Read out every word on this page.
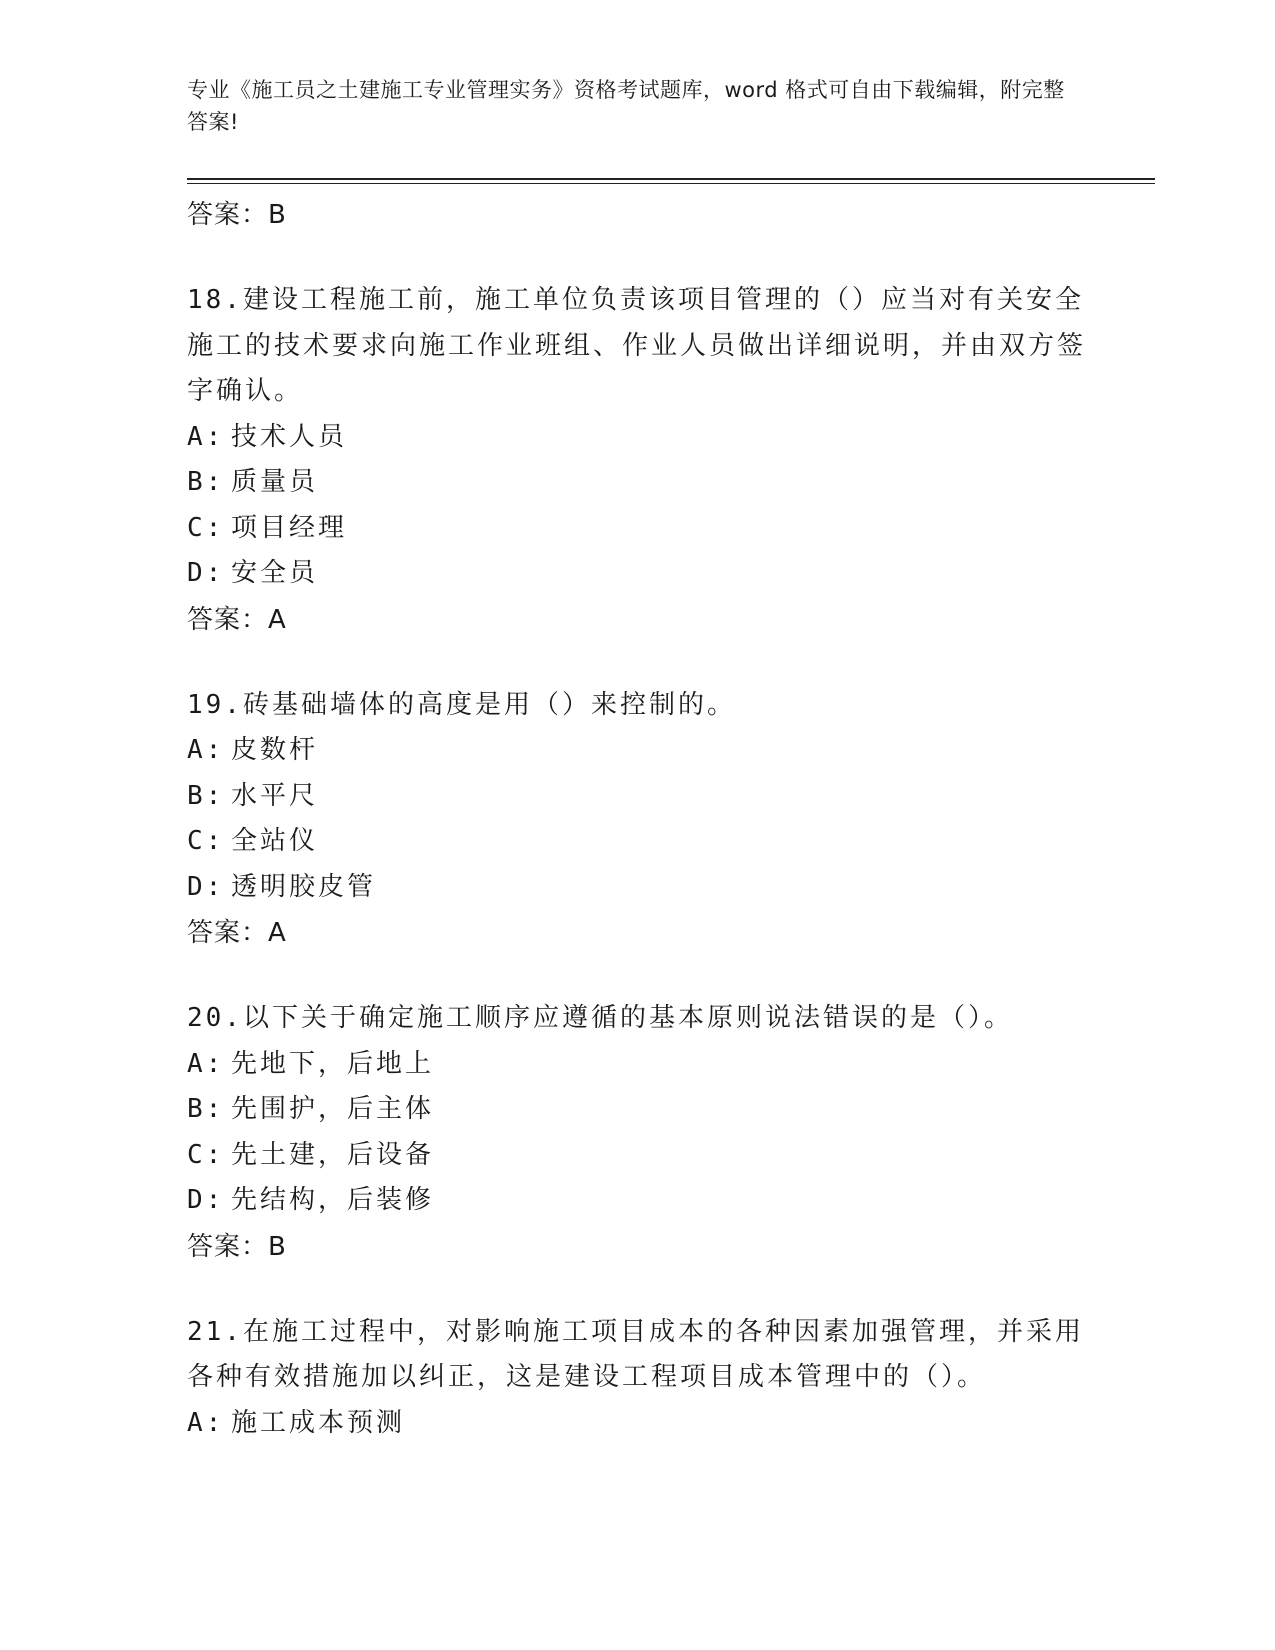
专业《施工员之土建施工专业管理实务》资格考试题库，word 格式可自由下载编辑，附完整答案!
答案：B
18.建设工程施工前，施工单位负责该项目管理的（）应当对有关安全施工的技术要求向施工作业班组、作业人员做出详细说明，并由双方签字确认。
A: 技术人员
B: 质量员
C: 项目经理
D: 安全员
答案：A
19.砖基础墙体的高度是用（）来控制的。
A: 皮数杆
B: 水平尺
C: 全站仪
D: 透明胶皮管
答案：A
20.以下关于确定施工顺序应遵循的基本原则说法错误的是（）。
A: 先地下，后地上
B: 先围护，后主体
C: 先土建，后设备
D: 先结构，后装修
答案：B
21.在施工过程中，对影响施工项目成本的各种因素加强管理，并采用各种有效措施加以纠正，这是建设工程项目成本管理中的（）。
A: 施工成本预测
